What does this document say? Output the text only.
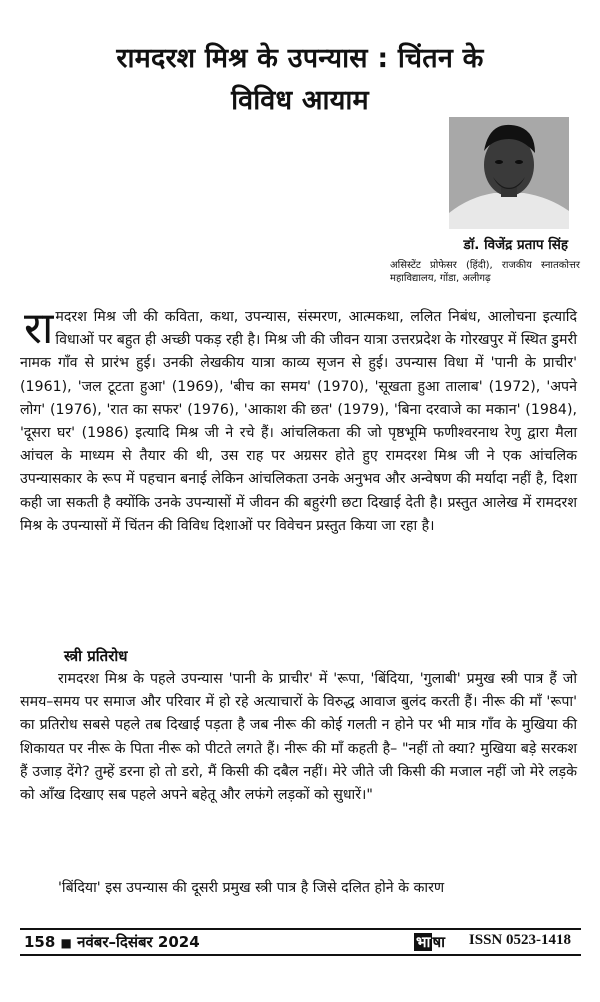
रामदरश मिश्र के उपन्यास : चिंतन के
विविध आयाम
डॉ. विजेंद्र प्रताप सिंह
असिस्टेंट प्रोफेसर (हिंदी), राजकीय स्नातकोत्तर महाविद्यालय, गोंडा, अलीगढ़
रामदरश मिश्र जी की कविता, कथा, उपन्यास, संस्मरण, आत्मकथा, ललित निबंध, आलोचना इत्यादि विधाओं पर बहुत ही अच्छी पकड़ रही है। मिश्र जी की जीवन यात्रा उत्तरप्रदेश के गोरखपुर में स्थित डुमरी नामक गाँव से प्रारंभ हुई। उनकी लेखकीय यात्रा काव्य सृजन से हुई। उपन्यास विधा में 'पानी के प्राचीर' (1961), 'जल टूटता हुआ' (1969), 'बीच का समय' (1970), 'सूखता हुआ तालाब' (1972), 'अपने लोग' (1976), 'रात का सफर' (1976), 'आकाश की छत' (1979), 'बिना दरवाजे का मकान' (1984), 'दूसरा घर' (1986) इत्यादि मिश्र जी ने रचे हैं। आंचलिकता की जो पृष्ठभूमि फणीश्वरनाथ रेणु द्वारा मैला आंचल के माध्यम से तैयार की थी, उस राह पर अग्रसर होते हुए रामदरश मिश्र जी ने एक आंचलिक उपन्यासकार के रूप में पहचान बनाई लेकिन आंचलिकता उनके अनुभव और अन्वेषण की मर्यादा नहीं है, दिशा कही जा सकती है क्योंकि उनके उपन्यासों में जीवन की बहुरंगी छटा दिखाई देती है। प्रस्तुत आलेख में रामदरश मिश्र के उपन्यासों में चिंतन की विविध दिशाओं पर विवेचन प्रस्तुत किया जा रहा है।
स्त्री प्रतिरोध
रामदरश मिश्र के पहले उपन्यास 'पानी के प्राचीर' में 'रूपा, 'बिंदिया, 'गुलाबी' प्रमुख स्त्री पात्र हैं जो समय–समय पर समाज और परिवार में हो रहे अत्याचारों के विरुद्ध आवाज बुलंद करती हैं। नीरू की माँ 'रूपा' का प्रतिरोध सबसे पहले तब दिखाई पड़ता है जब नीरू की कोई गलती न होने पर भी मात्र गाँव के मुखिया की शिकायत पर नीरू के पिता नीरू को पीटते लगते हैं। नीरू की माँ कहती है– "नहीं तो क्या? मुखिया बड़े सरकश हैं उजाड़ देंगे? तुम्हें डरना हो तो डरो, मैं किसी की दबैल नहीं। मेरे जीते जी किसी की मजाल नहीं जो मेरे लड़के को आँख दिखाए सब पहले अपने बहेतू और लफंगे लड़कों को सुधारें।"
'बिंदिया' इस उपन्यास की दूसरी प्रमुख स्त्री पात्र है जिसे दलित होने के कारण
158 ■ नवंबर–दिसंबर 2024	भा षा ISSN 0523-1418
